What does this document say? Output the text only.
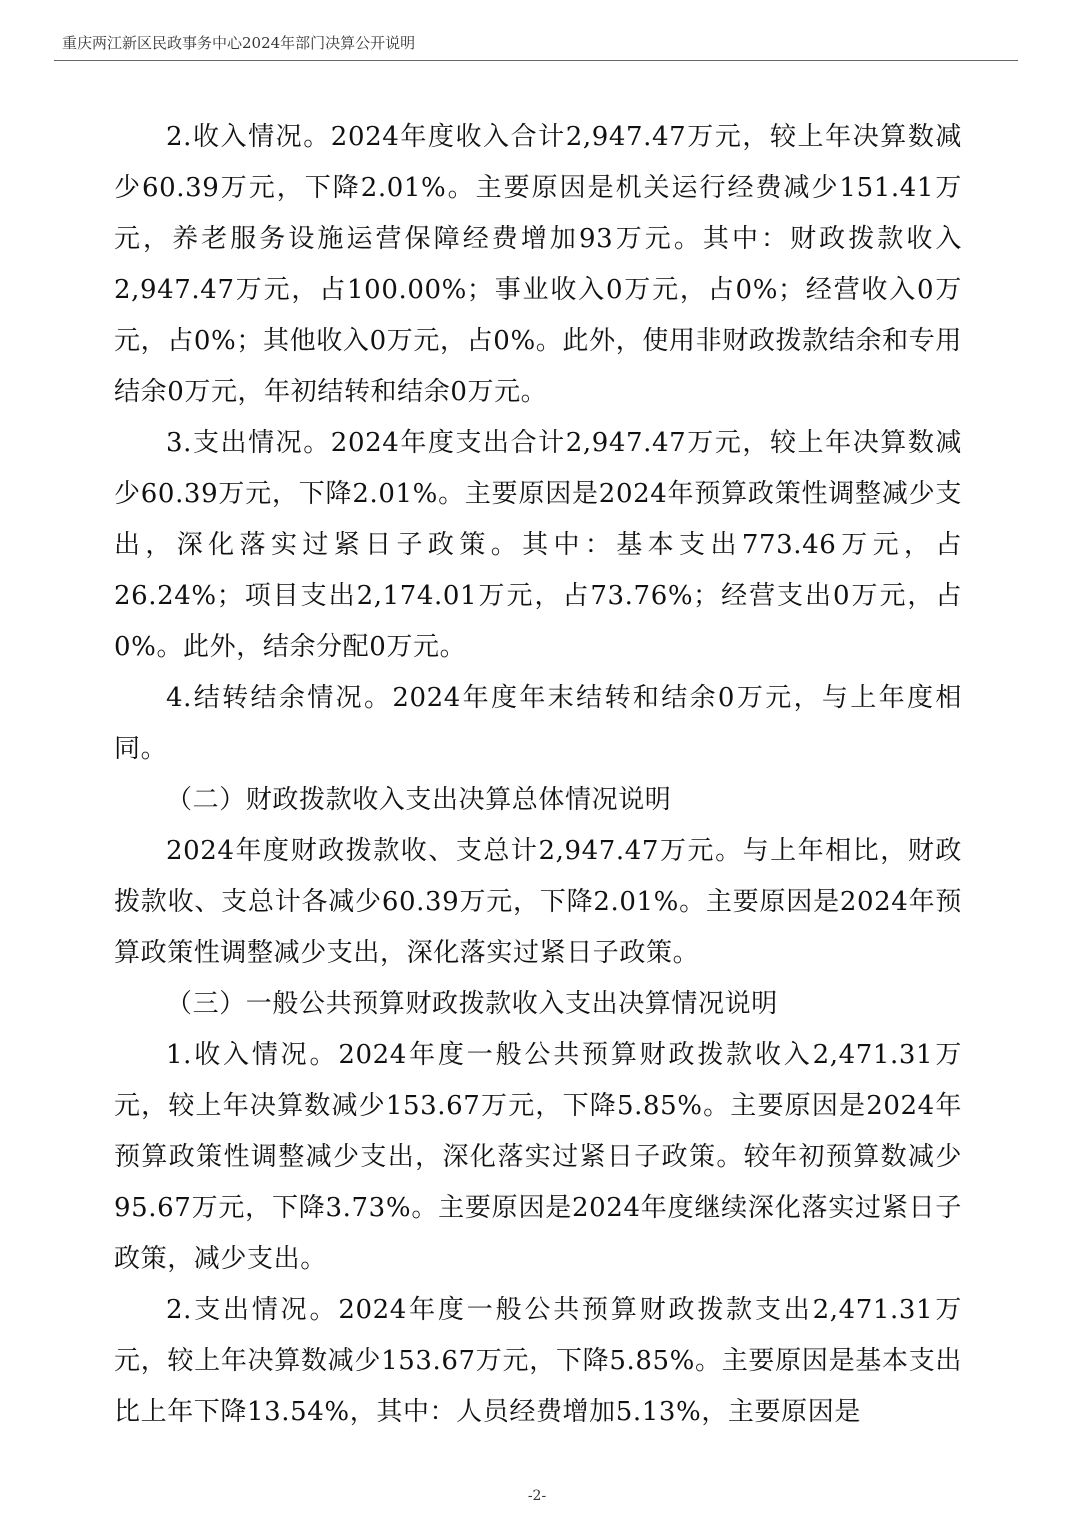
重庆两江新区民政事务中心2024年部门决算公开说明

2.收入情况。2024年度收入合计2,947.47万元，较上年决算数减少60.39万元，下降2.01%。主要原因是机关运行经费减少151.41万元，养老服务设施运营保障经费增加93万元。其中：财政拨款收入2,947.47万元，占100.00%；事业收入0万元，占0%；经营收入0万元，占0%；其他收入0万元，占0%。此外，使用非财政拨款结余和专用结余0万元，年初结转和结余0万元。

3.支出情况。2024年度支出合计2,947.47万元，较上年决算数减少60.39万元，下降2.01%。主要原因是2024年预算政策性调整减少支出，深化落实过紧日子政策。其中：基本支出773.46万元，占26.24%；项目支出2,174.01万元，占73.76%；经营支出0万元，占0%。此外，结余分配0万元。

4.结转结余情况。2024年度年末结转和结余0万元，与上年度相同。

（二）财政拨款收入支出决算总体情况说明

2024年度财政拨款收、支总计2,947.47万元。与上年相比，财政拨款收、支总计各减少60.39万元，下降2.01%。主要原因是2024年预算政策性调整减少支出，深化落实过紧日子政策。

（三）一般公共预算财政拨款收入支出决算情况说明

1.收入情况。2024年度一般公共预算财政拨款收入2,471.31万元，较上年决算数减少153.67万元，下降5.85%。主要原因是2024年预算政策性调整减少支出，深化落实过紧日子政策。较年初预算数减少95.67万元，下降3.73%。主要原因是2024年度继续深化落实过紧日子政策，减少支出。

2.支出情况。2024年度一般公共预算财政拨款支出2,471.31万元，较上年决算数减少153.67万元，下降5.85%。主要原因是基本支出比上年下降13.54%，其中：人员经费增加5.13%，主要原因是

-2-
